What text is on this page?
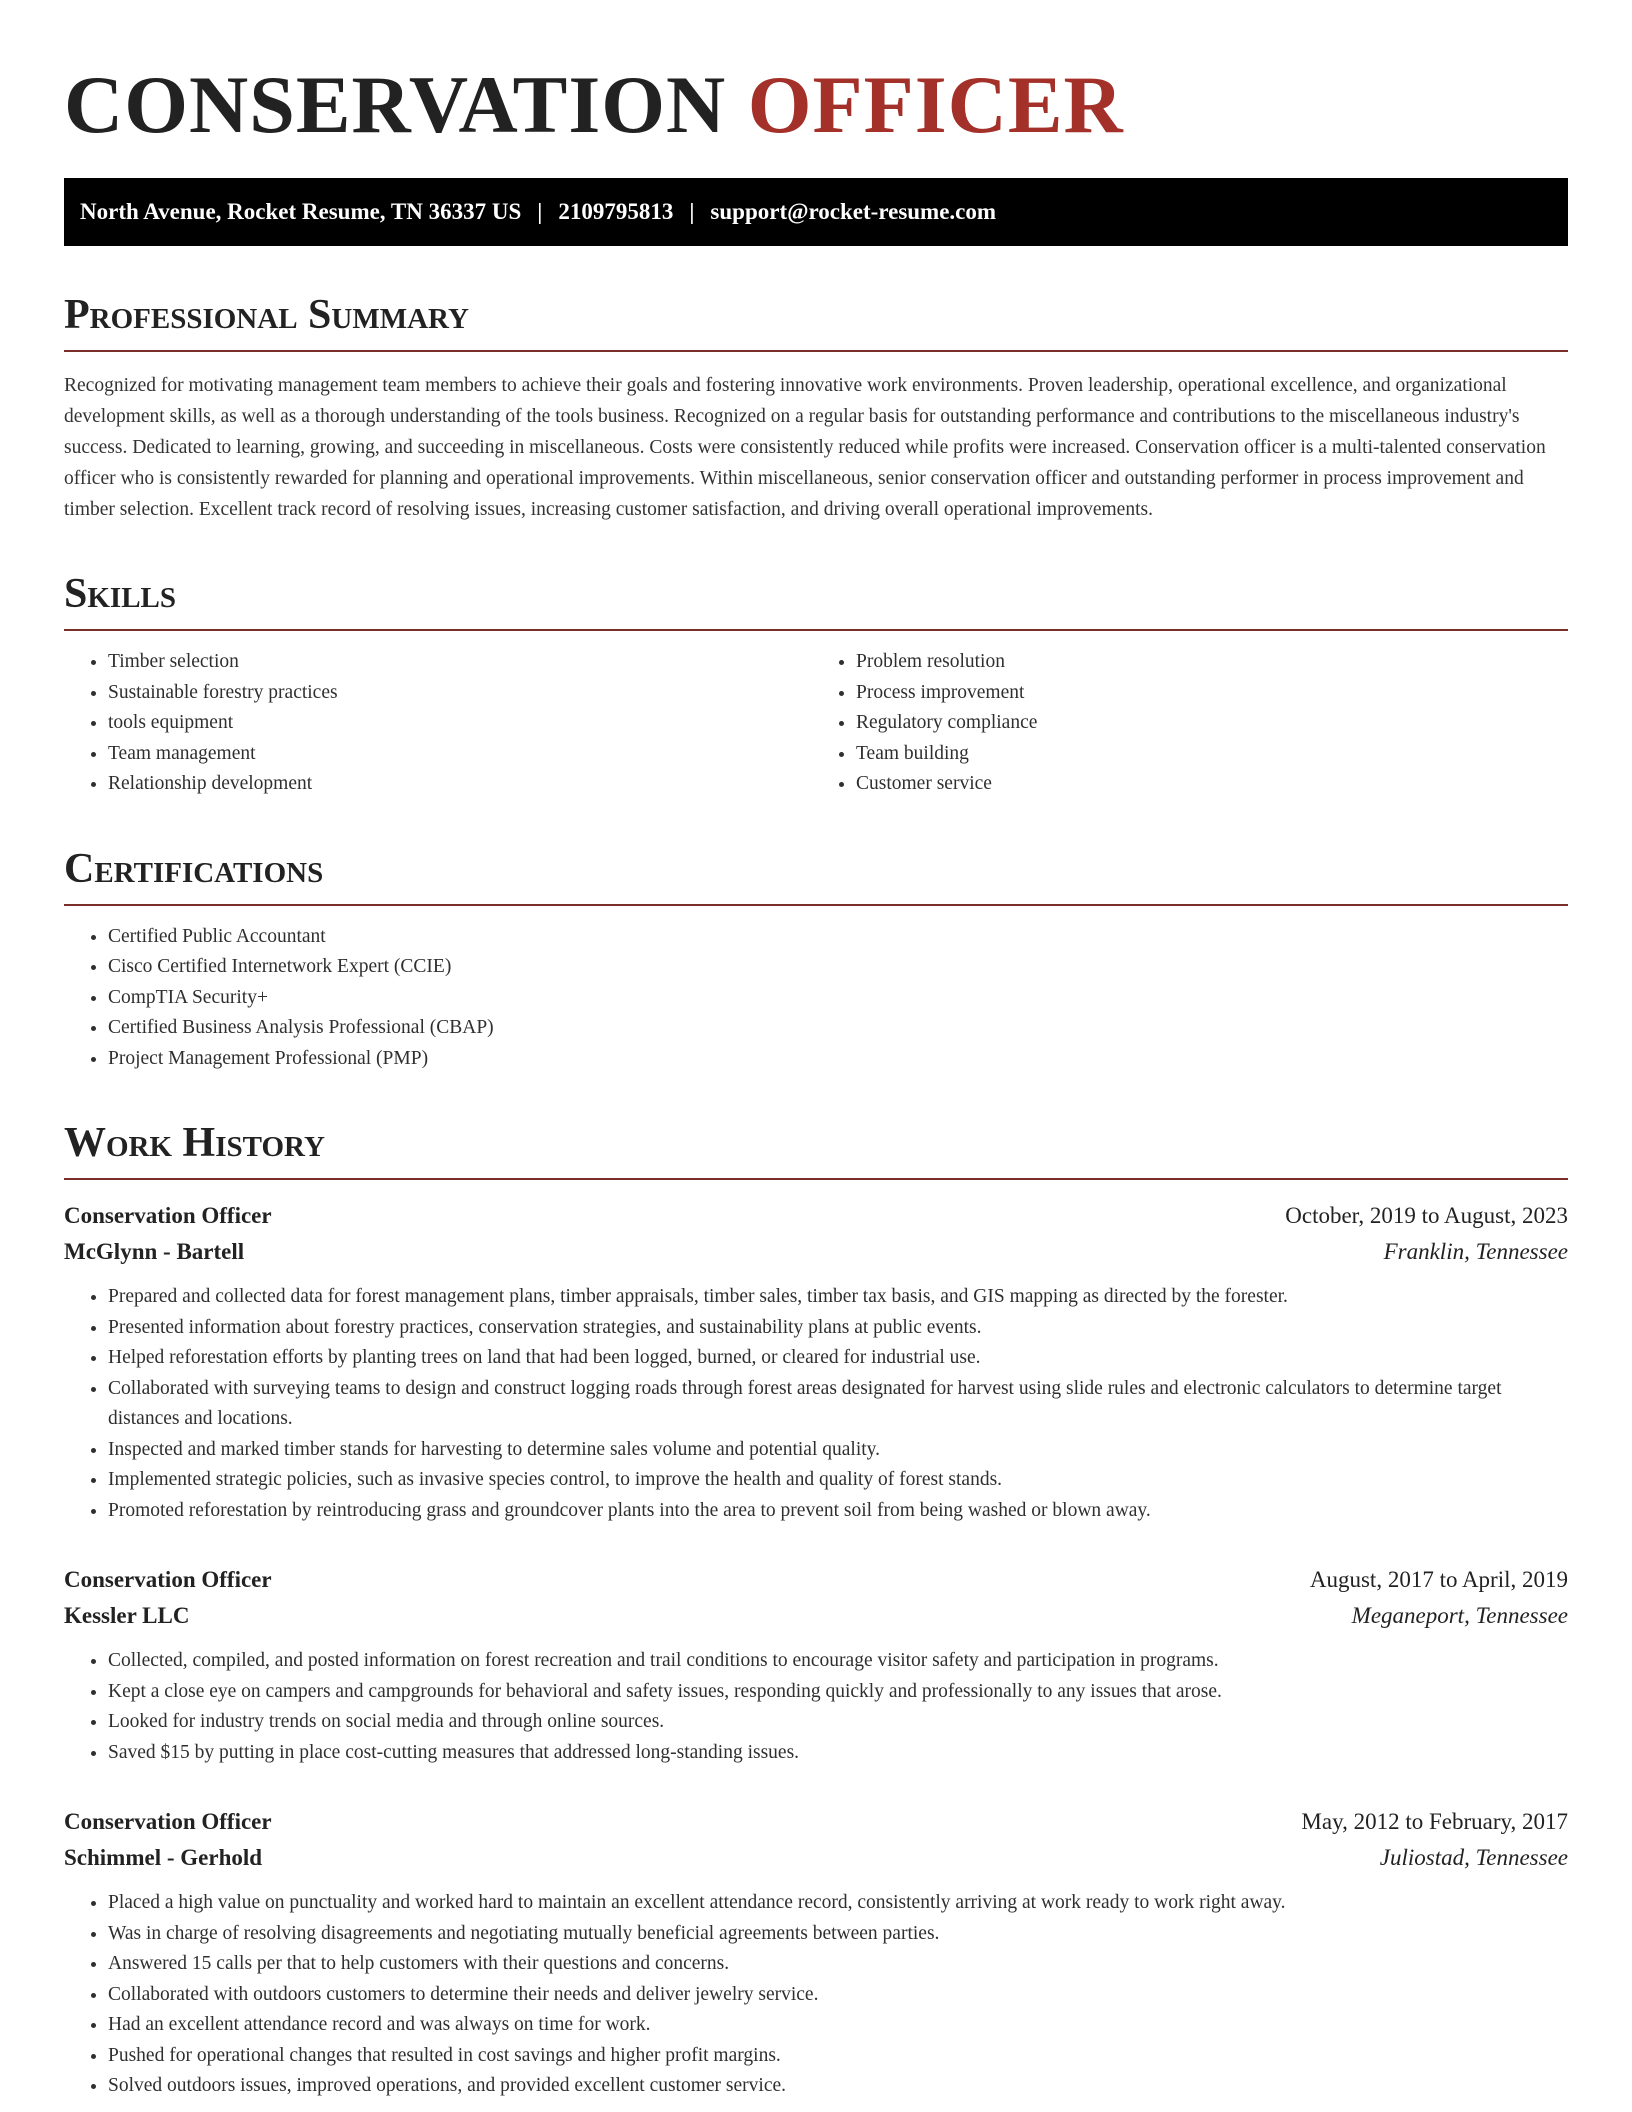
CONSERVATION OFFICER
North Avenue, Rocket Resume, TN 36337 US | 2109795813 | support@rocket-resume.com
Professional Summary

Recognized for motivating management team members to achieve their goals and fostering innovative work environments. Proven leadership, operational excellence, and organizational development skills, as well as a thorough understanding of the tools business. Recognized on a regular basis for outstanding performance and contributions to the miscellaneous industry's success. Dedicated to learning, growing, and succeeding in miscellaneous. Costs were consistently reduced while profits were increased. Conservation officer is a multi-talented conservation officer who is consistently rewarded for planning and operational improvements. Within miscellaneous, senior conservation officer and outstanding performer in process improvement and timber selection. Excellent track record of resolving issues, increasing customer satisfaction, and driving overall operational improvements.

Skills
• Timber selection
• Sustainable forestry practices
• tools equipment
• Team management
• Relationship development
• Problem resolution
• Process improvement
• Regulatory compliance
• Team building
• Customer service
Certifications
• Certified Public Accountant
• Cisco Certified Internetwork Expert (CCIE)
• CompTIA Security+
• Certified Business Analysis Professional (CBAP)
• Project Management Professional (PMP)
Work History
Conservation Officer	October, 2019 to August, 2023
McGlynn - Bartell	Franklin, Tennessee
• Prepared and collected data for forest management plans, timber appraisals, timber sales, timber tax basis, and GIS mapping as directed by the forester.
• Presented information about forestry practices, conservation strategies, and sustainability plans at public events.
• Helped reforestation efforts by planting trees on land that had been logged, burned, or cleared for industrial use.
• Collaborated with surveying teams to design and construct logging roads through forest areas designated for harvest using slide rules and electronic calculators to determine target distances and locations.
• Inspected and marked timber stands for harvesting to determine sales volume and potential quality.
• Implemented strategic policies, such as invasive species control, to improve the health and quality of forest stands.
• Promoted reforestation by reintroducing grass and groundcover plants into the area to prevent soil from being washed or blown away.
Conservation Officer	August, 2017 to April, 2019
Kessler LLC	Meganeport, Tennessee
• Collected, compiled, and posted information on forest recreation and trail conditions to encourage visitor safety and participation in programs.
• Kept a close eye on campers and campgrounds for behavioral and safety issues, responding quickly and professionally to any issues that arose.
• Looked for industry trends on social media and through online sources.
• Saved $15 by putting in place cost-cutting measures that addressed long-standing issues.
Conservation Officer	May, 2012 to February, 2017
Schimmel - Gerhold	Juliostad, Tennessee
• Placed a high value on punctuality and worked hard to maintain an excellent attendance record, consistently arriving at work ready to work right away.
• Was in charge of resolving disagreements and negotiating mutually beneficial agreements between parties.
• Answered 15 calls per that to help customers with their questions and concerns.
• Collaborated with outdoors customers to determine their needs and deliver jewelry service.
• Had an excellent attendance record and was always on time for work.
• Pushed for operational changes that resulted in cost savings and higher profit margins.
• Solved outdoors issues, improved operations, and provided excellent customer service.
